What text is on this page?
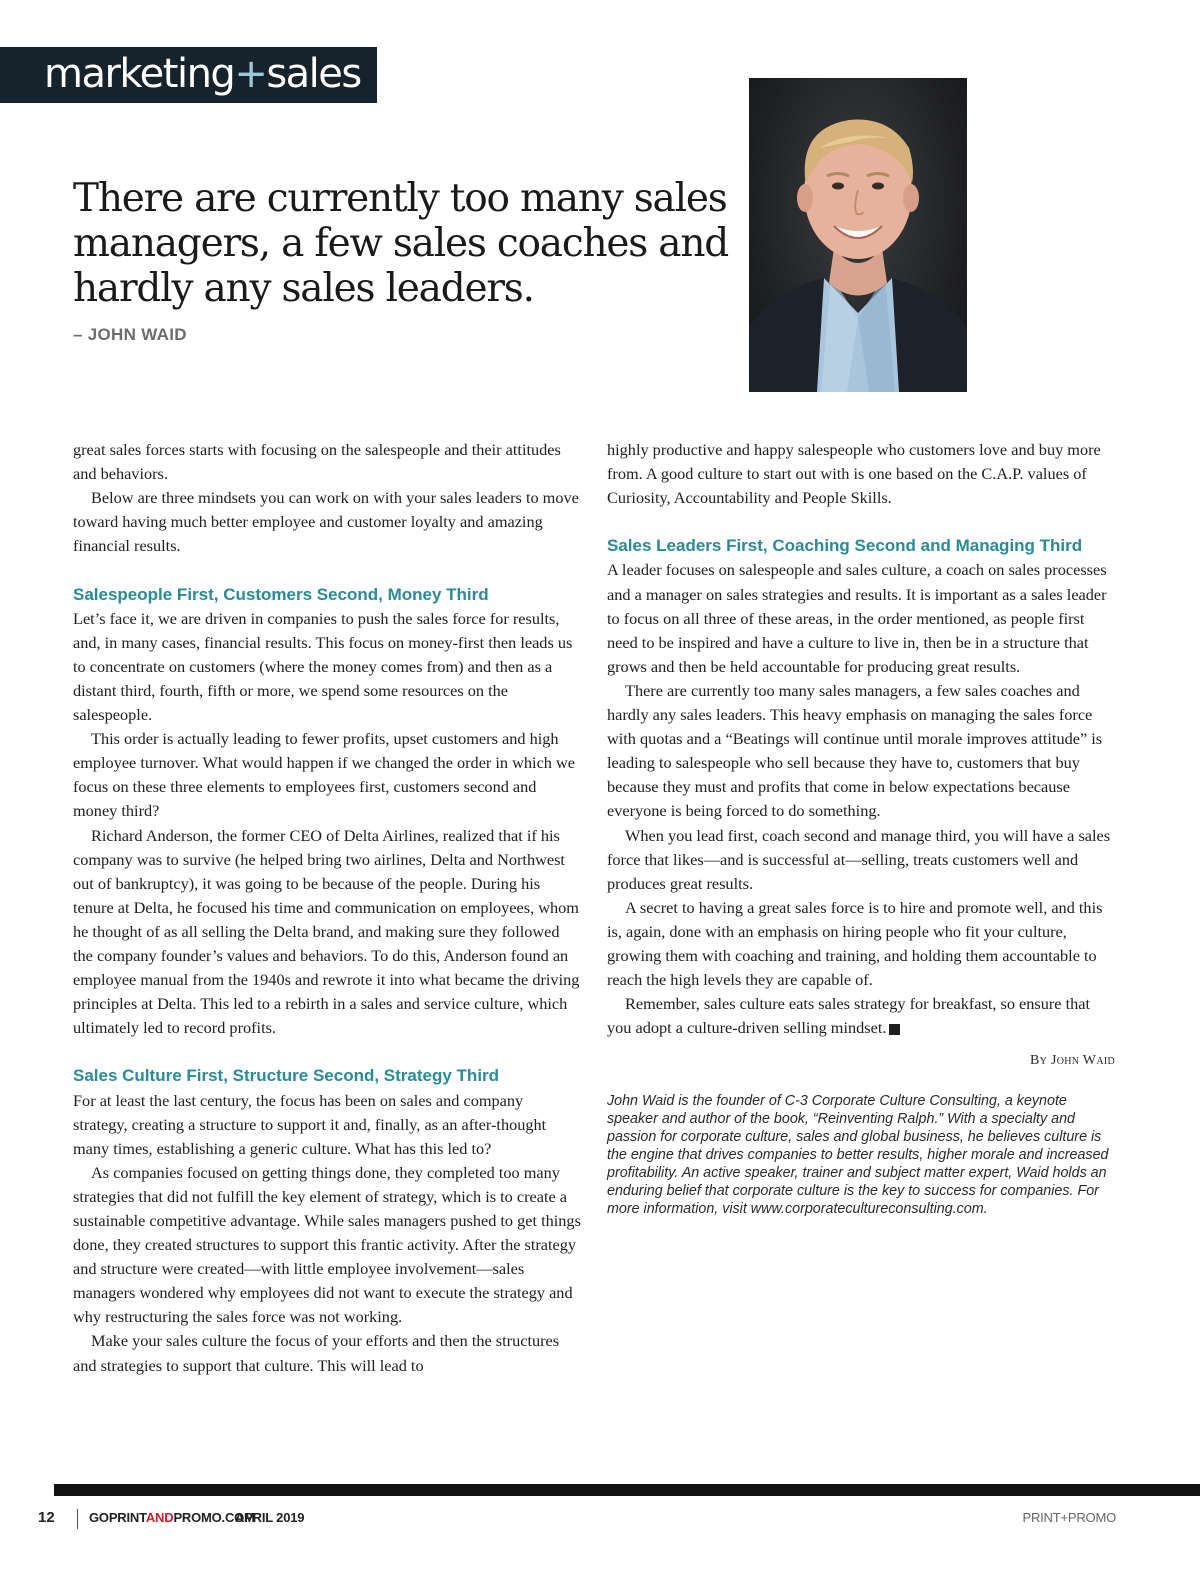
marketing+sales
There are currently too many sales managers, a few sales coaches and hardly any sales leaders.
– JOHN WAID

great sales forces starts with focusing on the salespeople and their attitudes and behaviors.

Below are three mindsets you can work on with your sales leaders to move toward having much better employee and customer loyalty and amazing financial results.

Salespeople First, Customers Second, Money Third

Let’s face it, we are driven in companies to push the sales force for results, and, in many cases, financial results. This focus on money-first then leads us to concentrate on customers (where the money comes from) and then as a distant third, fourth, fifth or more, we spend some resources on the salespeople.

This order is actually leading to fewer profits, upset customers and high employee turnover. What would happen if we changed the order in which we focus on these three elements to employees first, customers second and money third?

Richard Anderson, the former CEO of Delta Airlines, realized that if his company was to survive (he helped bring two airlines, Delta and Northwest out of bankruptcy), it was going to be because of the people. During his tenure at Delta, he focused his time and communication on employees, whom he thought of as all selling the Delta brand, and making sure they followed the company founder’s values and behaviors. To do this, Anderson found an employee manual from the 1940s and rewrote it into what became the driving principles at Delta. This led to a rebirth in a sales and service culture, which ultimately led to record profits.

Sales Culture First, Structure Second, Strategy Third

For at least the last century, the focus has been on sales and company strategy, creating a structure to support it and, finally, as an after-thought many times, establishing a generic culture. What has this led to?

As companies focused on getting things done, they completed too many strategies that did not fulfill the key element of strategy, which is to create a sustainable competitive advantage. While sales managers pushed to get things done, they created structures to support this frantic activity. After the strategy and structure were created—with little employee involvement—sales managers wondered why employees did not want to execute the strategy and why restructuring the sales force was not working.

Make your sales culture the focus of your efforts and then the structures and strategies to support that culture. This will lead to

highly productive and happy salespeople who customers love and buy more from. A good culture to start out with is one based on the C.A.P. values of Curiosity, Accountability and People Skills.

Sales Leaders First, Coaching Second and Managing Third

A leader focuses on salespeople and sales culture, a coach on sales processes and a manager on sales strategies and results. It is important as a sales leader to focus on all three of these areas, in the order mentioned, as people first need to be inspired and have a culture to live in, then be in a structure that grows and then be held accountable for producing great results.

There are currently too many sales managers, a few sales coaches and hardly any sales leaders. This heavy emphasis on managing the sales force with quotas and a “Beatings will continue until morale improves attitude” is leading to salespeople who sell because they have to, customers that buy because they must and profits that come in below expectations because everyone is being forced to do something.

When you lead first, coach second and manage third, you will have a sales force that likes—and is successful at—selling, treats customers well and produces great results.

A secret to having a great sales force is to hire and promote well, and this is, again, done with an emphasis on hiring people who fit your culture, growing them with coaching and training, and holding them accountable to reach the high levels they are capable of.

Remember, sales culture eats sales strategy for breakfast, so ensure that you adopt a culture-driven selling mindset. +

By John Waid
John Waid is the founder of C-3 Corporate Culture Consulting, a keynote speaker and author of the book, “Reinventing Ralph.” With a specialty and passion for corporate culture, sales and global business, he believes culture is the engine that drives companies to better results, higher morale and increased profitability. An active speaker, trainer and subject matter expert, Waid holds an enduring belief that corporate culture is the key to success for companies. For more information, visit www.corporatecultureconsulting.com.
12	GOPRINTANDPROMO.COM
APRIL 2019	PRINT+PROMO
